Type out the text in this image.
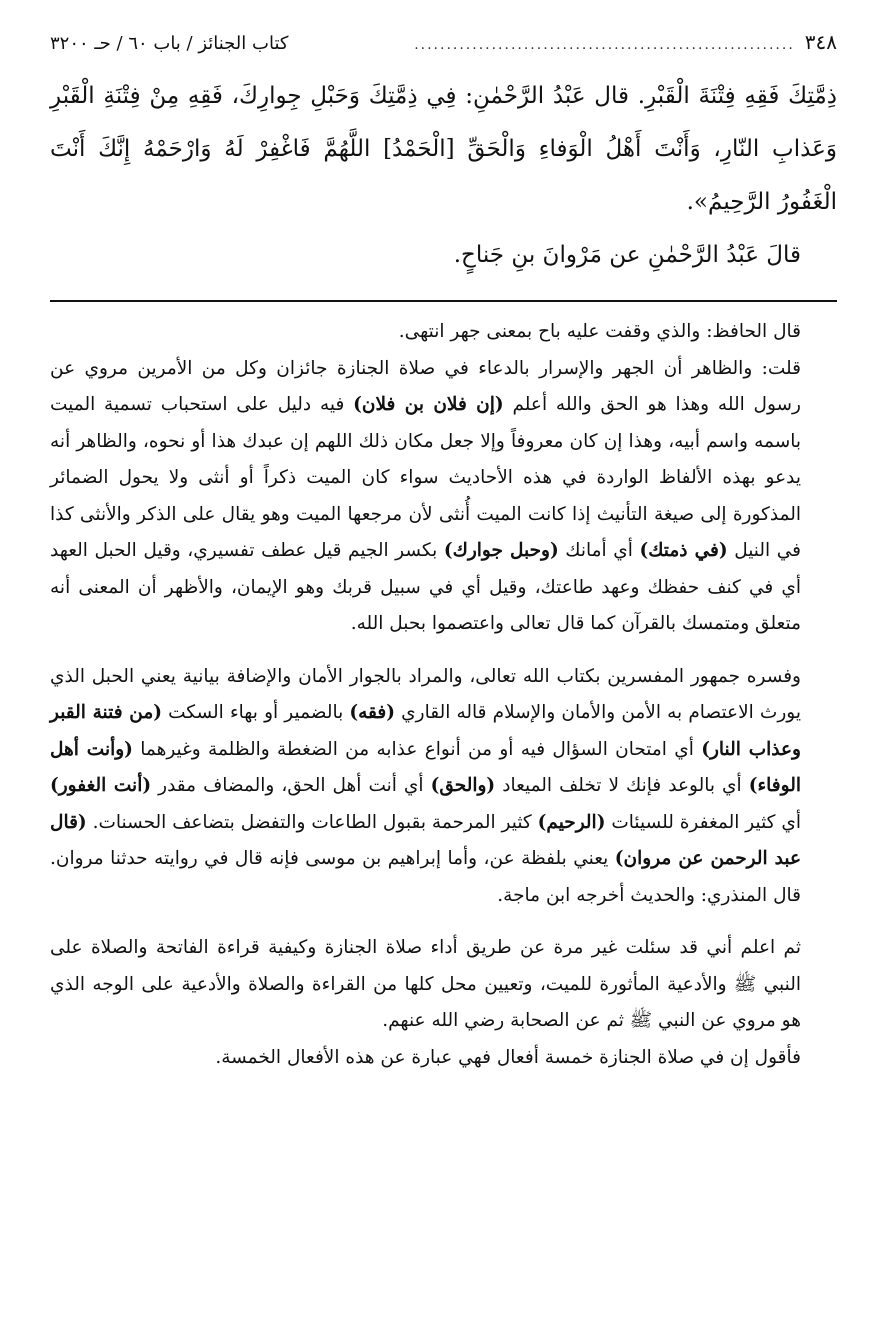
٣٤٨
...........................................................
كتاب الجنائز / باب ٦٠ / حـ ٣٢٠٠

ذِمَّتِكَ فَقِهِ فِتْنَةَ الْقَبْرِ. قال عَبْدُ الرَّحْمٰنِ: فِي ذِمَّتِكَ وَحَبْلِ جِوارِكَ، فَقِهِ مِنْ فِتْنَةِ الْقَبْرِ وَعَذابِ النّارِ، وَأَنْتَ أَهْلُ الْوَفاءِ وَالْحَقِّ [الْحَمْدُ] اللَّهُمَّ فَاغْفِرْ لَهُ وَارْحَمْهُ إِنَّكَ أَنْتَ الْغَفُورُ الرَّحِيمُ».

قالَ عَبْدُ الرَّحْمٰنِ عن مَرْوانَ بنِ جَناحٍ.

قال الحافظ: والذي وقفت عليه باح بمعنى جهر انتهى.

قلت: والظاهر أن الجهر والإسرار بالدعاء في صلاة الجنازة جائزان وكل من الأمرين مروي عن رسول الله وهذا هو الحق والله أعلم (إن فلان بن فلان) فيه دليل على استحباب تسمية الميت باسمه واسم أبيه، وهذا إن كان معروفاً وإلا جعل مكان ذلك اللهم إن عبدك هذا أو نحوه، والظاهر أنه يدعو بهذه الألفاظ الواردة في هذه الأحاديث سواء كان الميت ذكراً أو أنثى ولا يحول الضمائر المذكورة إلى صيغة التأنيث إذا كانت الميت أُنثى لأن مرجعها الميت وهو يقال على الذكر والأنثى كذا في النيل (في ذمتك) أي أمانك (وحبل جوارك) بكسر الجيم قيل عطف تفسيري، وقيل الحبل العهد أي في كنف حفظك وعهد طاعتك، وقيل أي في سبيل قربك وهو الإيمان، والأظهر أن المعنى أنه متعلق ومتمسك بالقرآن كما قال تعالى واعتصموا بحبل الله.

وفسره جمهور المفسرين بكتاب الله تعالى، والمراد بالجوار الأمان والإضافة بيانية يعني الحبل الذي يورث الاعتصام به الأمن والأمان والإسلام قاله القاري (فقه) بالضمير أو بهاء السكت (من فتنة القبر وعذاب النار) أي امتحان السؤال فيه أو من أنواع عذابه من الضغطة والظلمة وغيرهما (وأنت أهل الوفاء) أي بالوعد فإنك لا تخلف الميعاد (والحق) أي أنت أهل الحق، والمضاف مقدر (أنت الغفور) أي كثير المغفرة للسيئات (الرحيم) كثير المرحمة بقبول الطاعات والتفضل بتضاعف الحسنات. (قال عبد الرحمن عن مروان) يعني بلفظة عن، وأما إبراهيم بن موسى فإنه قال في روايته حدثنا مروان. قال المنذري: والحديث أخرجه ابن ماجة.

ثم اعلم أني قد سئلت غير مرة عن طريق أداء صلاة الجنازة وكيفية قراءة الفاتحة والصلاة على النبي ﷺ والأدعية المأثورة للميت، وتعيين محل كلها من القراءة والصلاة والأدعية على الوجه الذي هو مروي عن النبي ﷺ ثم عن الصحابة رضي الله عنهم.

فأقول إن في صلاة الجنازة خمسة أفعال فهي عبارة عن هذه الأفعال الخمسة.
